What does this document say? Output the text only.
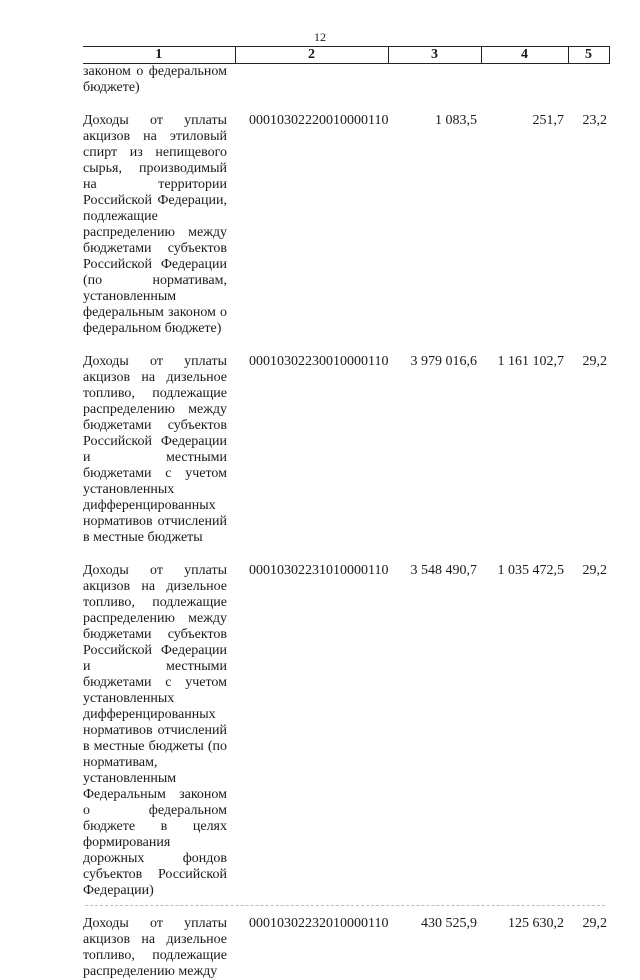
12
1	2	3	4	5
законом о федеральном бюджете)				

Доходы от уплаты акцизов на этиловый спирт из непищевого сырья, производимый на территории Российской Федерации, подлежащие распределению между бюджетами субъектов Российской Федерации (по нормативам, установленным федеральным законом о федеральном бюджете)	00010302220010000110	1 083,5	251,7	23,2

Доходы от уплаты акцизов на дизельное топливо, подлежащие распределению между бюджетами субъектов Российской Федерации и местными бюджетами с учетом установленных дифференцированных нормативов отчислений в местные бюджеты	00010302230010000110	3 979 016,6	1 161 102,7	29,2

Доходы от уплаты акцизов на дизельное топливо, подлежащие распределению между бюджетами субъектов Российской Федерации и местными бюджетами с учетом установленных дифференцированных нормативов отчислений в местные бюджеты (по нормативам, установленным Федеральным законом о федеральном бюджете в целях формирования дорожных фондов субъектов Российской Федерации)	00010302231010000110	3 548 490,7	1 035 472,5	29,2

Доходы от уплаты акцизов на дизельное топливо, подлежащие распределению между	00010302232010000110	430 525,9	125 630,2	29,2
